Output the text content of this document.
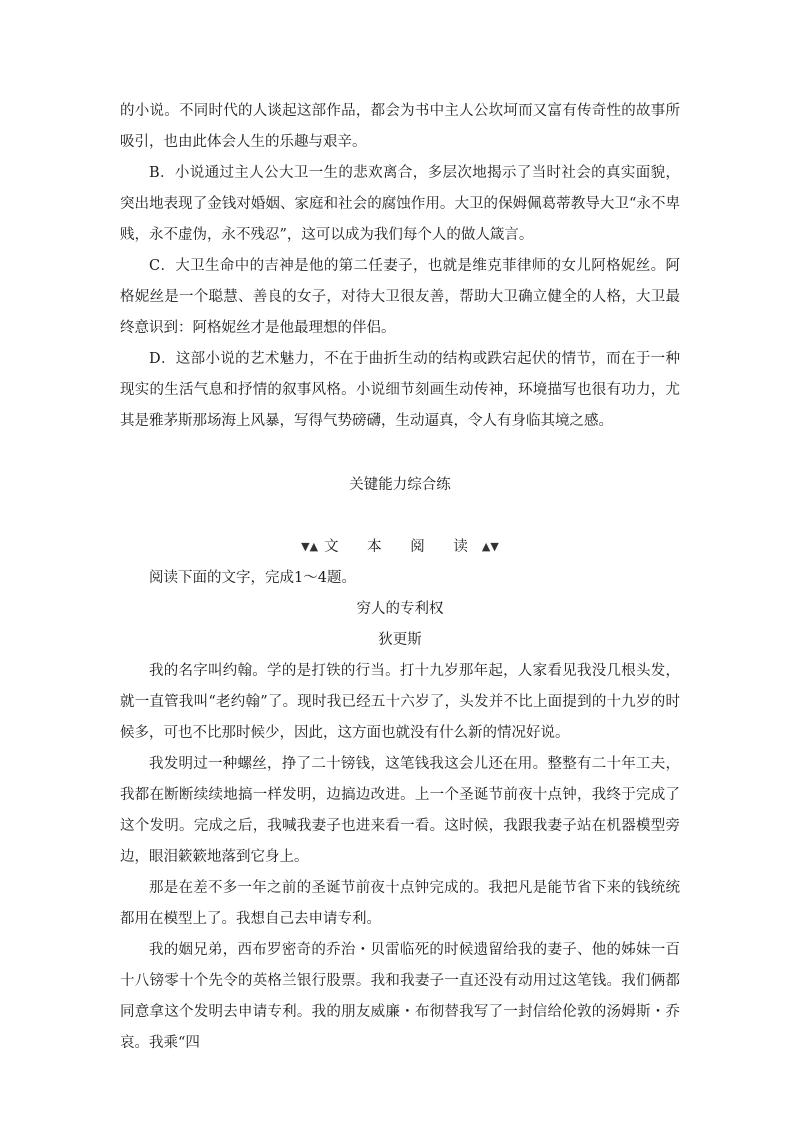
的小说。不同时代的人谈起这部作品，都会为书中主人公坎坷而又富有传奇性的故事所吸引，也由此体会人生的乐趣与艰辛。

B．小说通过主人公大卫一生的悲欢离合，多层次地揭示了当时社会的真实面貌，突出地表现了金钱对婚姻、家庭和社会的腐蚀作用。大卫的保姆佩葛蒂教导大卫“永不卑贱，永不虚伪，永不残忍”，这可以成为我们每个人的做人箴言。

C．大卫生命中的吉神是他的第二任妻子，也就是维克菲律师的女儿阿格妮丝。阿格妮丝是一个聪慧、善良的女子，对待大卫很友善，帮助大卫确立健全的人格，大卫最终意识到：阿格妮丝才是他最理想的伴侣。

D．这部小说的艺术魅力，不在于曲折生动的结构或跌宕起伏的情节，而在于一种现实的生活气息和抒情的叙事风格。小说细节刻画生动传神，环境描写也很有功力，尤其是雅茅斯那场海上风暴，写得气势磅礴，生动逼真，令人有身临其境之感。

关键能力综合练
▼▲ 文 本 阅 读 ▲▼

阅读下面的文字，完成1～4题。

穷人的专利权

狄更斯

我的名字叫约翰。学的是打铁的行当。打十九岁那年起，人家看见我没几根头发，就一直管我叫“老约翰”了。现时我已经五十六岁了，头发并不比上面提到的十九岁的时候多，可也不比那时候少，因此，这方面也就没有什么新的情况好说。

我发明过一种螺丝，挣了二十镑钱，这笔钱我这会儿还在用。整整有二十年工夫，我都在断断续续地搞一样发明，边搞边改进。上一个圣诞节前夜十点钟，我终于完成了这个发明。完成之后，我喊我妻子也进来看一看。这时候，我跟我妻子站在机器模型旁边，眼泪簌簌地落到它身上。

那是在差不多一年之前的圣诞节前夜十点钟完成的。我把凡是能节省下来的钱统统都用在模型上了。我想自己去申请专利。

我的姻兄弟，西布罗密奇的乔治・贝雷临死的时候遗留给我的妻子、他的姊妹一百十八镑零十个先令的英格兰银行股票。我和我妻子一直还没有动用过这笔钱。我们俩都同意拿这个发明去申请专利。我的朋友威廉・布彻替我写了一封信给伦敦的汤姆斯・乔哀。我乘“四
